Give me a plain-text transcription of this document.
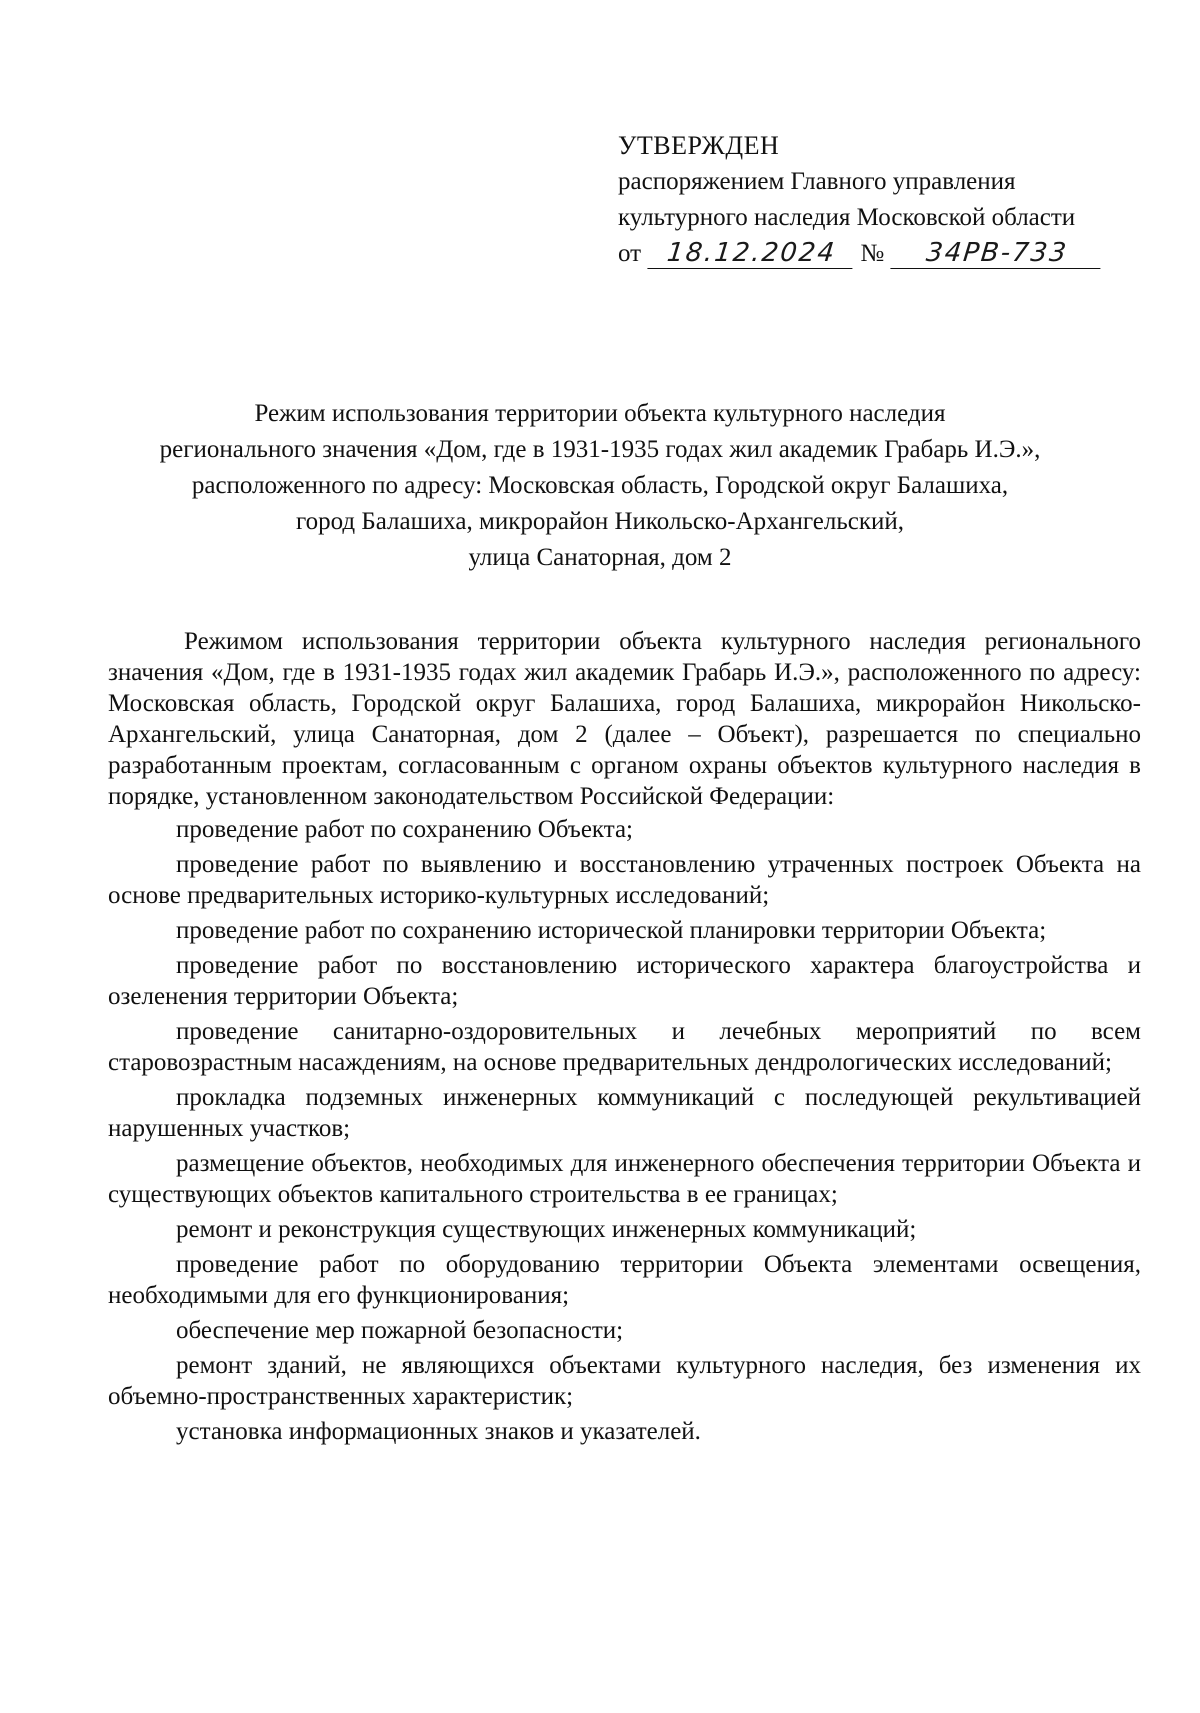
УТВЕРЖДЕН
распоряжением Главного управления
культурного наследия Московской области
от 18.12.2024 № 34РВ-733
Режим использования территории объекта культурного наследия
регионального значения «Дом, где в 1931-1935 годах жил академик Грабарь И.Э.»,
расположенного по адресу: Московская область, Городской округ Балашиха,
город Балашиха, микрорайон Никольско-Архангельский,
улица Санаторная, дом 2

Режимом использования территории объекта культурного наследия регионального значения «Дом, где в 1931-1935 годах жил академик Грабарь И.Э.», расположенного по адресу: Московская область, Городской округ Балашиха, город Балашиха, микрорайон Никольско-Архангельский, улица Санаторная, дом 2 (далее – Объект), разрешается по специально разработанным проектам, согласованным с органом охраны объектов культурного наследия в порядке, установленном законодательством Российской Федерации:

проведение работ по сохранению Объекта;

проведение работ по выявлению и восстановлению утраченных построек Объекта на основе предварительных историко-культурных исследований;

проведение работ по сохранению исторической планировки территории Объекта;

проведение работ по восстановлению исторического характера благоустройства и озеленения территории Объекта;

проведение санитарно-оздоровительных и лечебных мероприятий по всем старовозрастным насаждениям, на основе предварительных дендрологических исследований;

прокладка подземных инженерных коммуникаций с последующей рекультивацией нарушенных участков;

размещение объектов, необходимых для инженерного обеспечения территории Объекта и существующих объектов капитального строительства в ее границах;

ремонт и реконструкция существующих инженерных коммуникаций;

проведение работ по оборудованию территории Объекта элементами освещения, необходимыми для его функционирования;

обеспечение мер пожарной безопасности;

ремонт зданий, не являющихся объектами культурного наследия, без изменения их объемно-пространственных характеристик;

установка информационных знаков и указателей.
